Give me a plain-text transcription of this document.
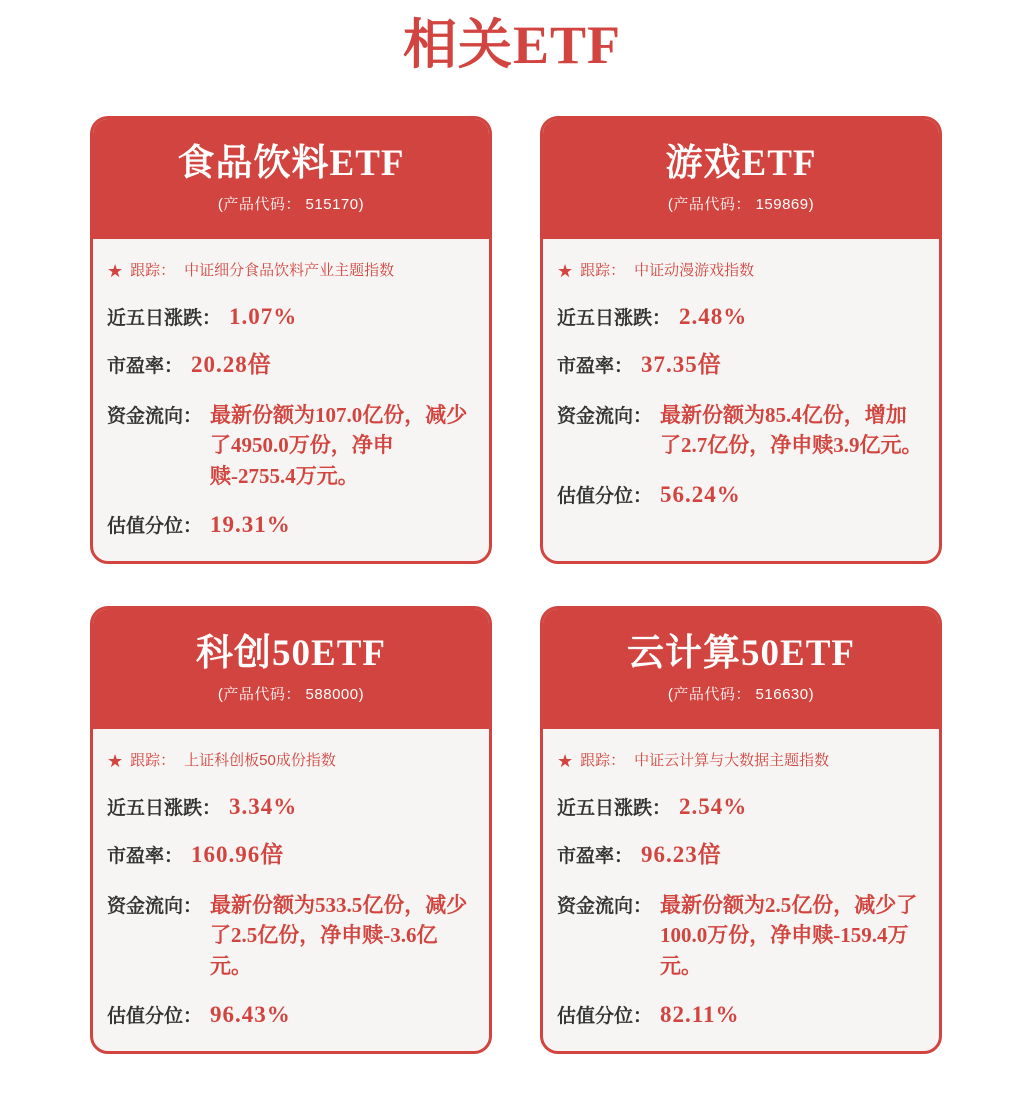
相关ETF
食品饮料ETF
(产品代码： 515170)
★ 跟踪： 中证细分食品饮料产业主题指数
近五日涨跌： 1.07%
市盈率： 20.28倍
资金流向： 最新份额为107.0亿份，减少了4950.0万份，净申赎-2755.4万元。
估值分位： 19.31%
游戏ETF
(产品代码： 159869)
★ 跟踪： 中证动漫游戏指数
近五日涨跌： 2.48%
市盈率： 37.35倍
资金流向： 最新份额为85.4亿份，增加了2.7亿份，净申赎3.9亿元。
估值分位： 56.24%
科创50ETF
(产品代码： 588000)
★ 跟踪： 上证科创板50成份指数
近五日涨跌： 3.34%
市盈率： 160.96倍
资金流向： 最新份额为533.5亿份，减少了2.5亿份，净申赎-3.6亿元。
估值分位： 96.43%
云计算50ETF
(产品代码： 516630)
★ 跟踪： 中证云计算与大数据主题指数
近五日涨跌： 2.54%
市盈率： 96.23倍
资金流向： 最新份额为2.5亿份，减少了100.0万份，净申赎-159.4万元。
估值分位： 82.11%
